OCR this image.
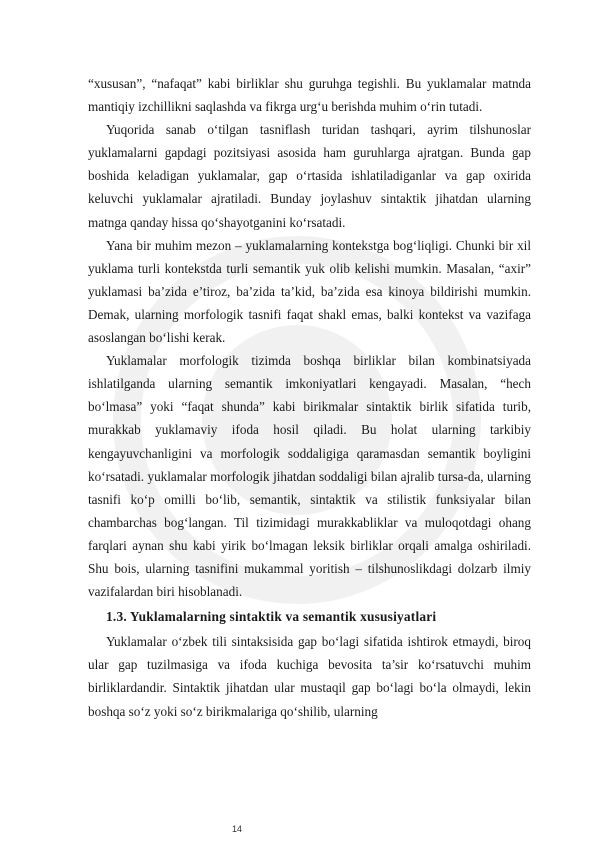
“xususan”, “nafaqat” kabi birliklar shu guruhga tegishli. Bu yuklamalar matnda mantiqiy izchillikni saqlashda va fikrga urg‘u berishda muhim o‘rin tutadi.

Yuqorida sanab o‘tilgan tasniflash turidan tashqari, ayrim tilshunoslar yuklamalarni gapdagi pozitsiyasi asosida ham guruhlarga ajratgan. Bunda gap boshida keladigan yuklamalar, gap o‘rtasida ishlatiladiganlar va gap oxirida keluvchi yuklamalar ajratiladi. Bunday joylashuv sintaktik jihatdan ularning matnga qanday hissa qo‘shayotganini ko‘rsatadi.

Yana bir muhim mezon – yuklamalarning kontekstga bog‘liqligi. Chunki bir xil yuklama turli kontekstda turli semantik yuk olib kelishi mumkin. Masalan, “axir” yuklamasi ba’zida e’tiroz, ba’zida ta’kid, ba’zida esa kinoya bildirishi mumkin. Demak, ularning morfologik tasnifi faqat shakl emas, balki kontekst va vazifaga asoslangan bo‘lishi kerak.

Yuklamalar morfologik tizimda boshqa birliklar bilan kombinatsiyada ishlatilganda ularning semantik imkoniyatlari kengayadi. Masalan, “hech bo‘lmasa” yoki “faqat shunda” kabi birikmalar sintaktik birlik sifatida turib, murakkab yuklamaviy ifoda hosil qiladi. Bu holat ularning tarkibiy kengayuvchanligini va morfologik soddaligiga qaramasdan semantik boyligini ko‘rsatadi. yuklamalar morfologik jihatdan soddaligi bilan ajralib tursa-da, ularning tasnifi ko‘p omilli bo‘lib, semantik, sintaktik va stilistik funksiyalar bilan chambarchas bog‘langan. Til tizimidagi murakkabliklar va muloqotdagi ohang farqlari aynan shu kabi yirik bo‘lmagan leksik birliklar orqali amalga oshiriladi. Shu bois, ularning tasnifini mukammal yoritish – tilshunoslikdagi dolzarb ilmiy vazifalardan biri hisoblanadi.

1.3. Yuklamalarning sintaktik va semantik xususiyatlari

Yuklamalar o‘zbek tili sintaksisida gap bo‘lagi sifatida ishtirok etmaydi, biroq ular gap tuzilmasiga va ifoda kuchiga bevosita ta’sir ko‘rsatuvchi muhim birliklardandir. Sintaktik jihatdan ular mustaqil gap bo‘lagi bo‘la olmaydi, lekin boshqa so‘z yoki so‘z birikmalariga qo‘shilib, ularning

14
